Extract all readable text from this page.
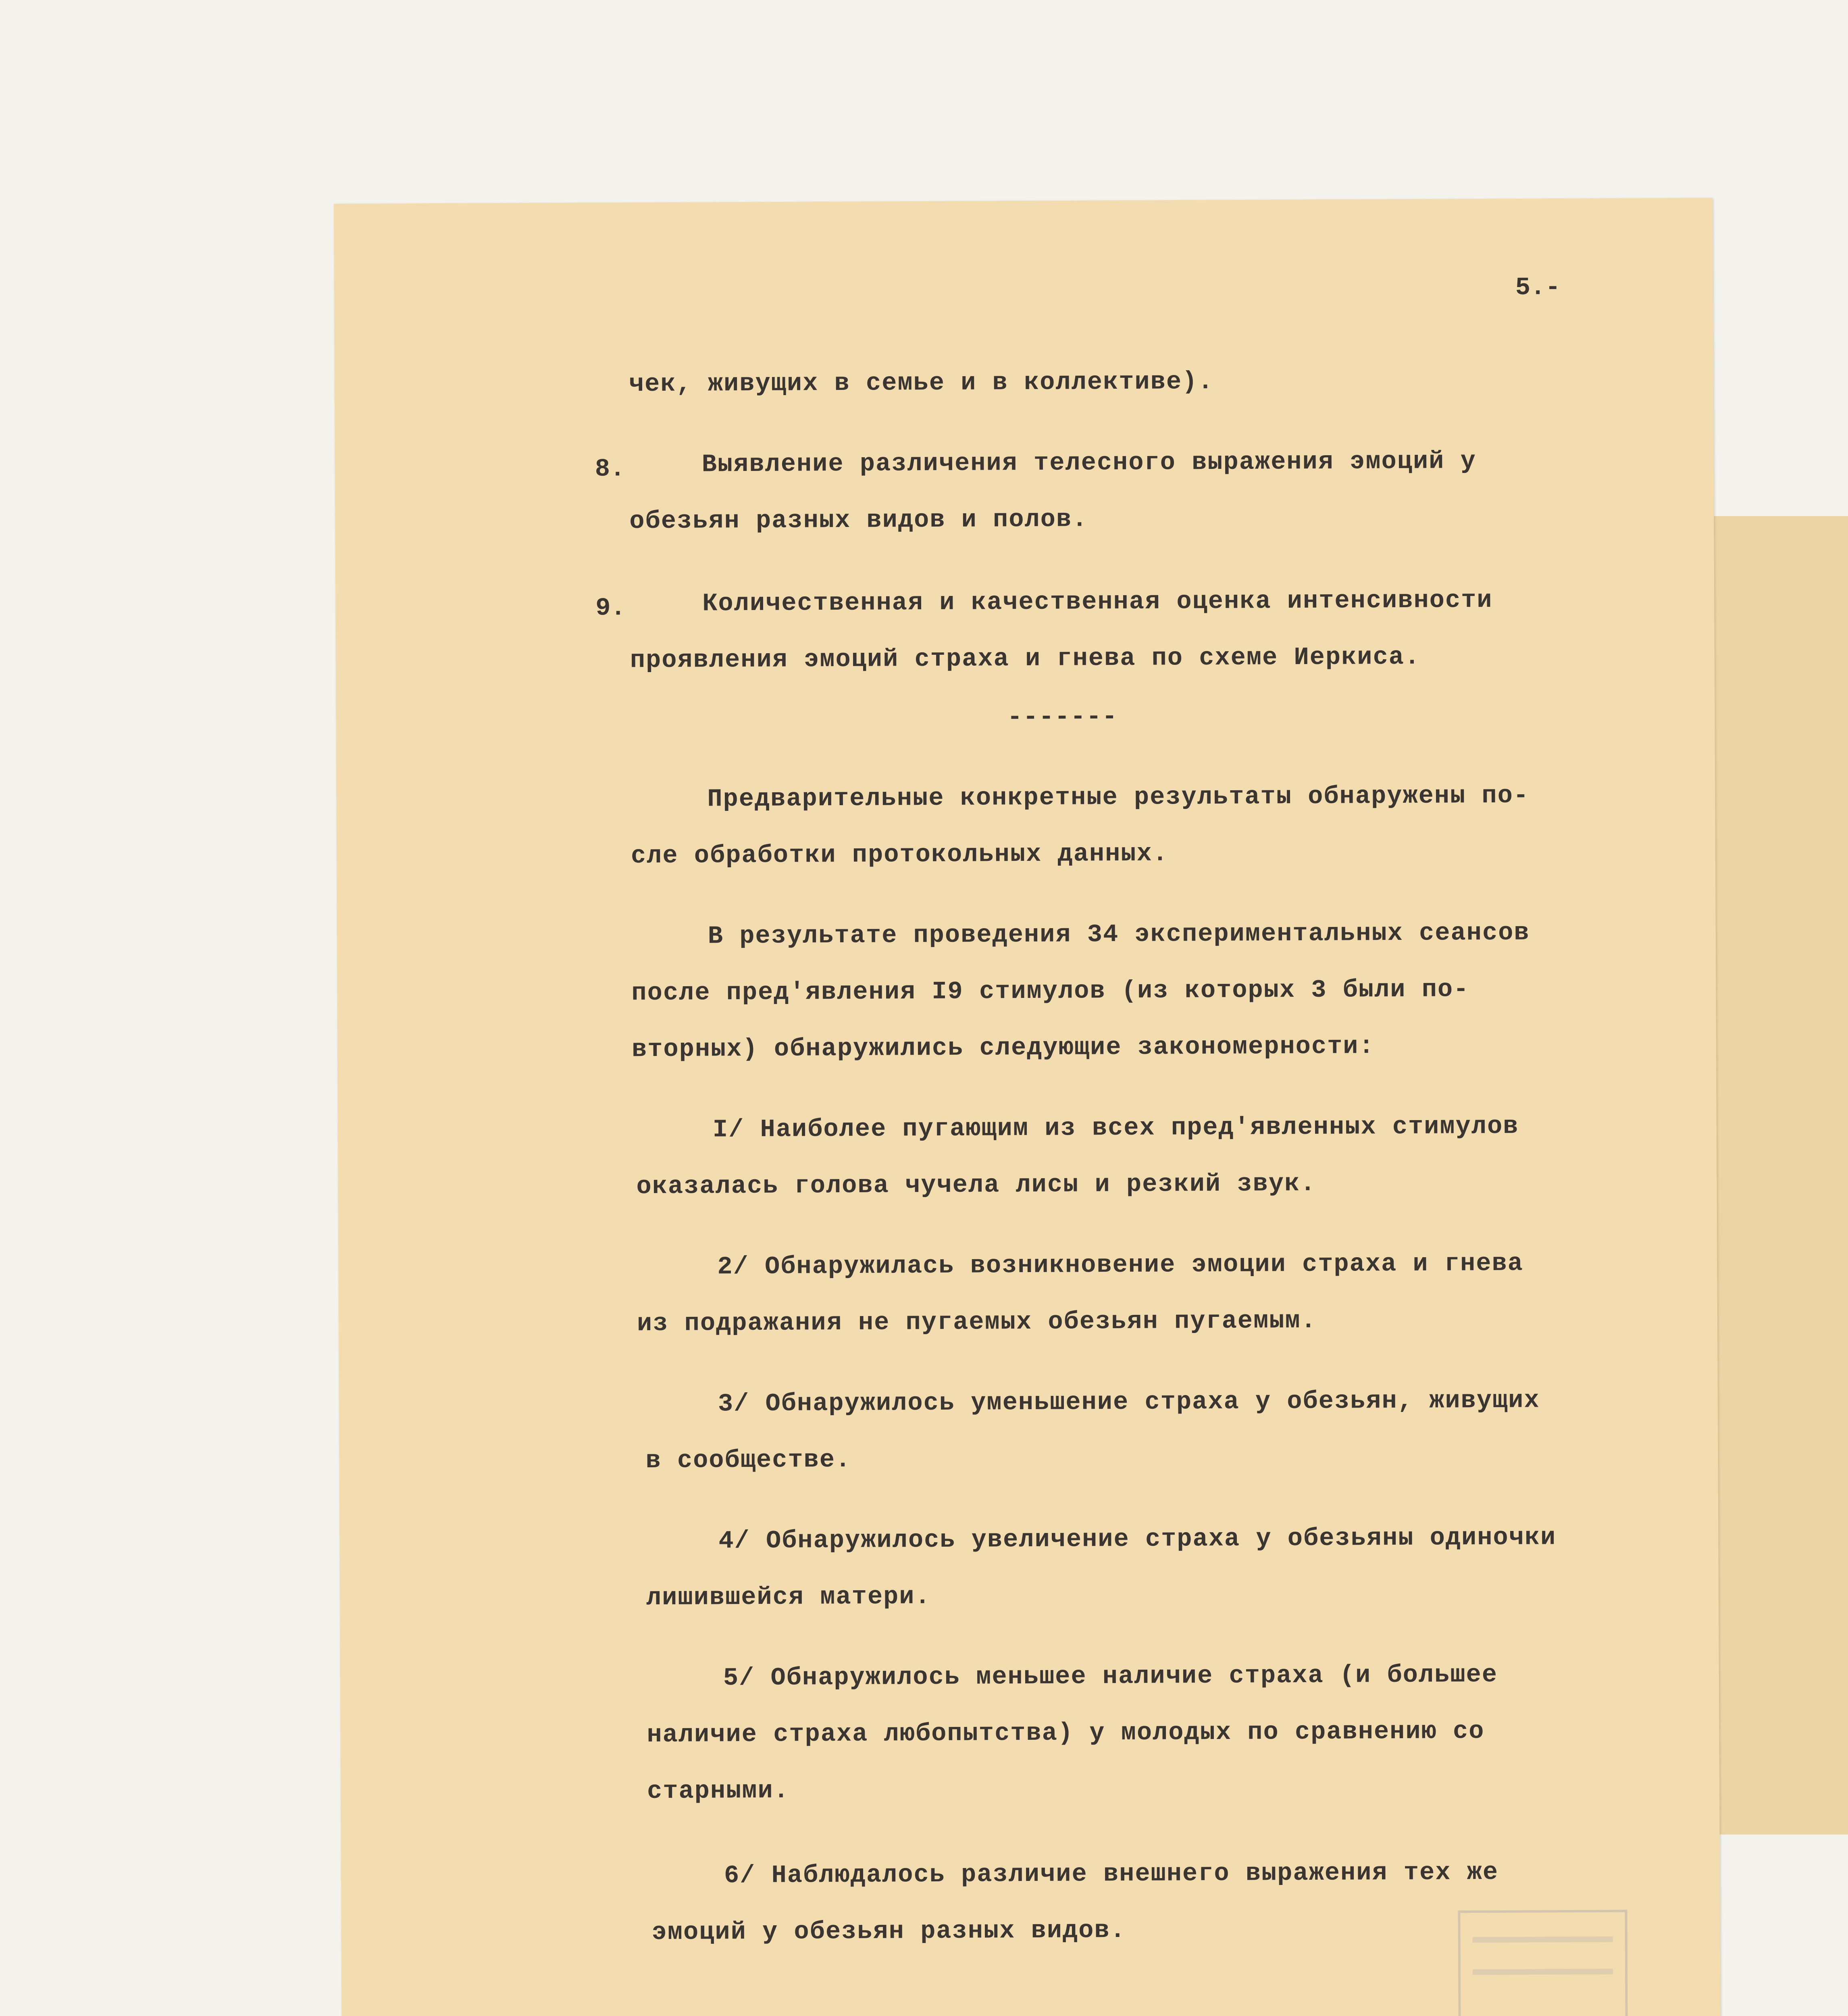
5.-

чек, живущих в семье и в коллективе).

8.	Выявление различения телесного выражения эмоций у

обезьян разных видов и полов.

9.	Количественная и качественная оценка интенсивности

проявления эмоций страха и гнева по схеме Иеркиса.

-------

Предварительные конкретные результаты обнаружены по-

сле обработки протокольных данных.

В результате проведения 34 экспериментальных сеансов

после пред'явления I9 стимулов (из которых 3 были по-

вторных) обнаружились следующие закономерности:

I/ Наиболее пугающим из всех пред'явленных стимулов

оказалась голова чучела лисы и резкий звук.

2/ Обнаружилась возникновение эмоции страха и гнева

из подражания не пугаемых обезьян пугаемым.

3/ Обнаружилось уменьшение страха у обезьян, живущих

в сообществе.

4/ Обнаружилось увеличение страха у обезьяны одиночки

лишившейся матери.

5/ Обнаружилось меньшее наличие страха (и большее

наличие страха любопытства) у молодых по сравнению со

старными.

6/ Наблюдалось различие внешнего выражения тех же

эмоций у обезьян разных видов.
